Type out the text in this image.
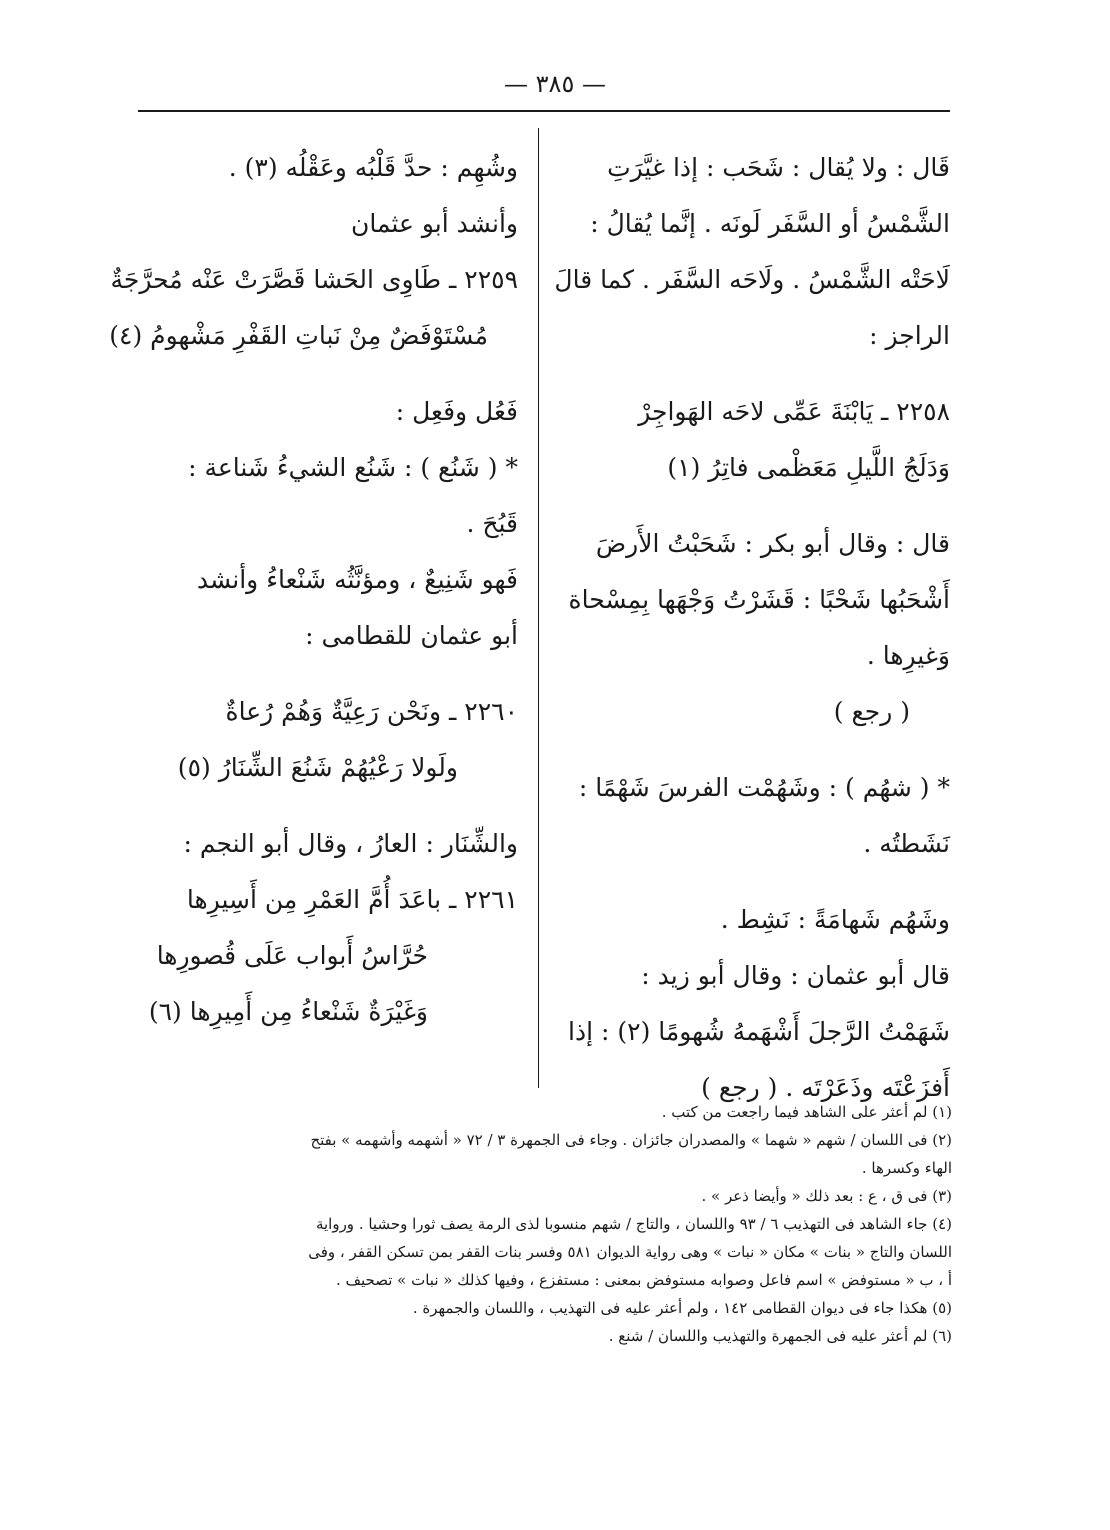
— ٣٨٥ —
قَال : ولا يُقال : شَحَب : إذا غيَّرَتِ
الشَّمْسُ أو السَّفَر لَونَه . إنَّما يُقالُ :
لَاحَتْه الشَّمْسُ . ولَاحَه السَّفَر . كما قالَ
الراجز :
٢٢٥٨ ـ يَابْنَةَ عَمِّى لاحَه الهَواجِرْ
وَدَلَجُ اللَّيلِ مَعَظْمى فاتِرُ (١)
قال : وقال أبو بكر : شَحَبْتُ الأَرضَ
أَشْحَبُها شَحْبًا : قَشَرْتُ وَجْهَها بِمِسْحاة
وَغيرِها .
( رجع )
* ( شهُم ) : وشَهُمْت الفرسَ شَهْمًا :
نَشَطتُه .
وشَهُم شَهامَةً : نَشِط .
قال أبو عثمان : وقال أبو زيد :
شَهَمْتُ الرَّجلَ أَشْهَمهُ شُهومًا (٢) : إذا
أَفزَعْتَه وذَعَرْتَه . ( رجع )
وشُهِم : حدَّ قَلْبُه وعَقْلُه (٣) .
وأنشد أبو عثمان
٢٢٥٩ ـ طَاوِى الحَشا قَصَّرَتْ عَنْه مُحرَّجَةٌ
مُسْتَوْفَضٌ مِنْ نَباتِ القَفْرِ مَشْهومُ (٤)
فَعُل وفَعِل :
* ( شَنُع ) : شَنُع الشيءُ شَناعة :
قَبُحَ .
فَهو شَنِيعٌ ، ومؤنَّثُه شَنْعاءُ وأنشد
أبو عثمان للقطامى :
٢٢٦٠ ـ ونَحْن رَعِيَّةٌ وَهُمْ رُعاةٌ
ولَولا رَعْيُهُمْ شَنُعَ الشِّنَارُ (٥)
والشِّنَار : العارُ ، وقال أبو النجم :
٢٢٦١ ـ باعَدَ أُمَّ العَمْرِ مِن أَسِيرِها
حُرَّاسُ أَبواب عَلَى قُصورِها
وَغَيْرَةٌ شَنْعاءُ مِن أَمِيرِها (٦)
(١) لم أعثر على الشاهد فيما راجعت من كتب .
(٢) فى اللسان / شهم « شهما » والمصدران جائزان . وجاء فى الجمهرة ٣ / ٧٢ « أشهمه وأشهمه » بفتح
الهاء وكسرها .
(٣) فى ق ، ع : بعد ذلك « وأيضا ذعر » .
(٤) جاء الشاهد فى التهذيب ٦ / ٩٣ واللسان ، والتاج / شهم منسوبا لذى الرمة يصف ثورا وحشيا . ورواية
اللسان والتاج « بنات » مكان « نبات » وهى رواية الديوان ٥٨١ وفسر بنات القفر بمن تسكن القفر ، وفى
أ ، ب « مستوفض » اسم فاعل وصوابه مستوفض بمعنى : مستفزع ، وفيها كذلك « نبات » تصحيف .
(٥) هكذا جاء فى ديوان القطامى ١٤٢ ، ولم أعثر عليه فى التهذيب ، واللسان والجمهرة .
(٦) لم أعثر عليه فى الجمهرة والتهذيب واللسان / شنع .
